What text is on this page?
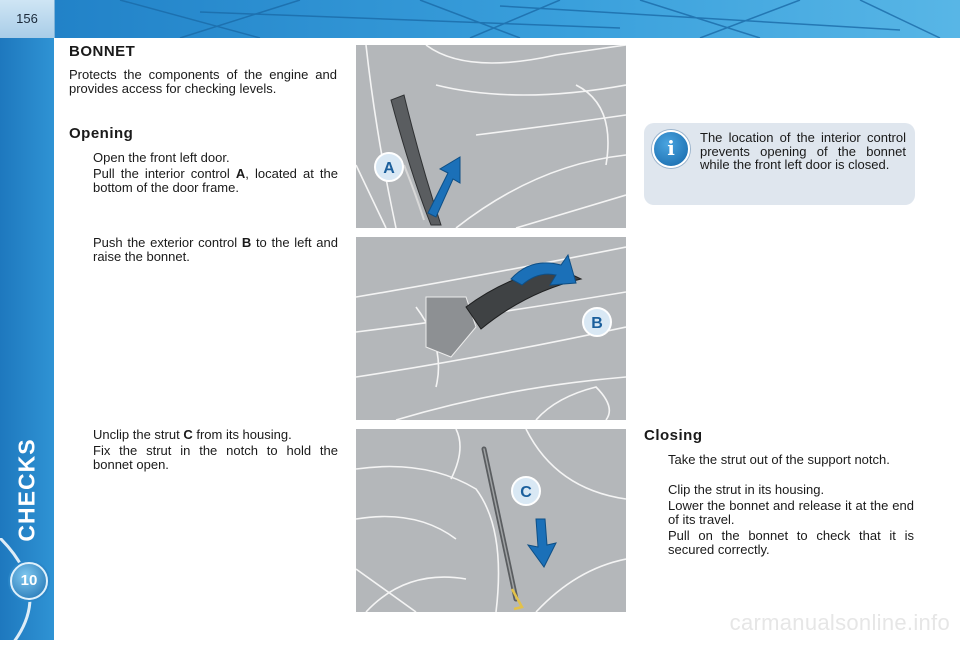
156
CHECKS
10
BONNET
Protects the components of the engine and provides access for checking levels.
Opening
Open the front left door.
Pull the interior control A, located at the bottom of the door frame.
Push the exterior control B to the left and raise the bonnet.
Unclip the strut C from its housing.
Fix the strut in the notch to hold the bonnet open.
A
B
C
i	The location of the interior control prevents opening of the bonnet while the front left door is closed.
Closing
Take the strut out of the support notch.
Clip the strut in its housing.
Lower the bonnet and release it at the end of its travel.
Pull on the bonnet to check that it is secured correctly.
carmanualsonline.info
